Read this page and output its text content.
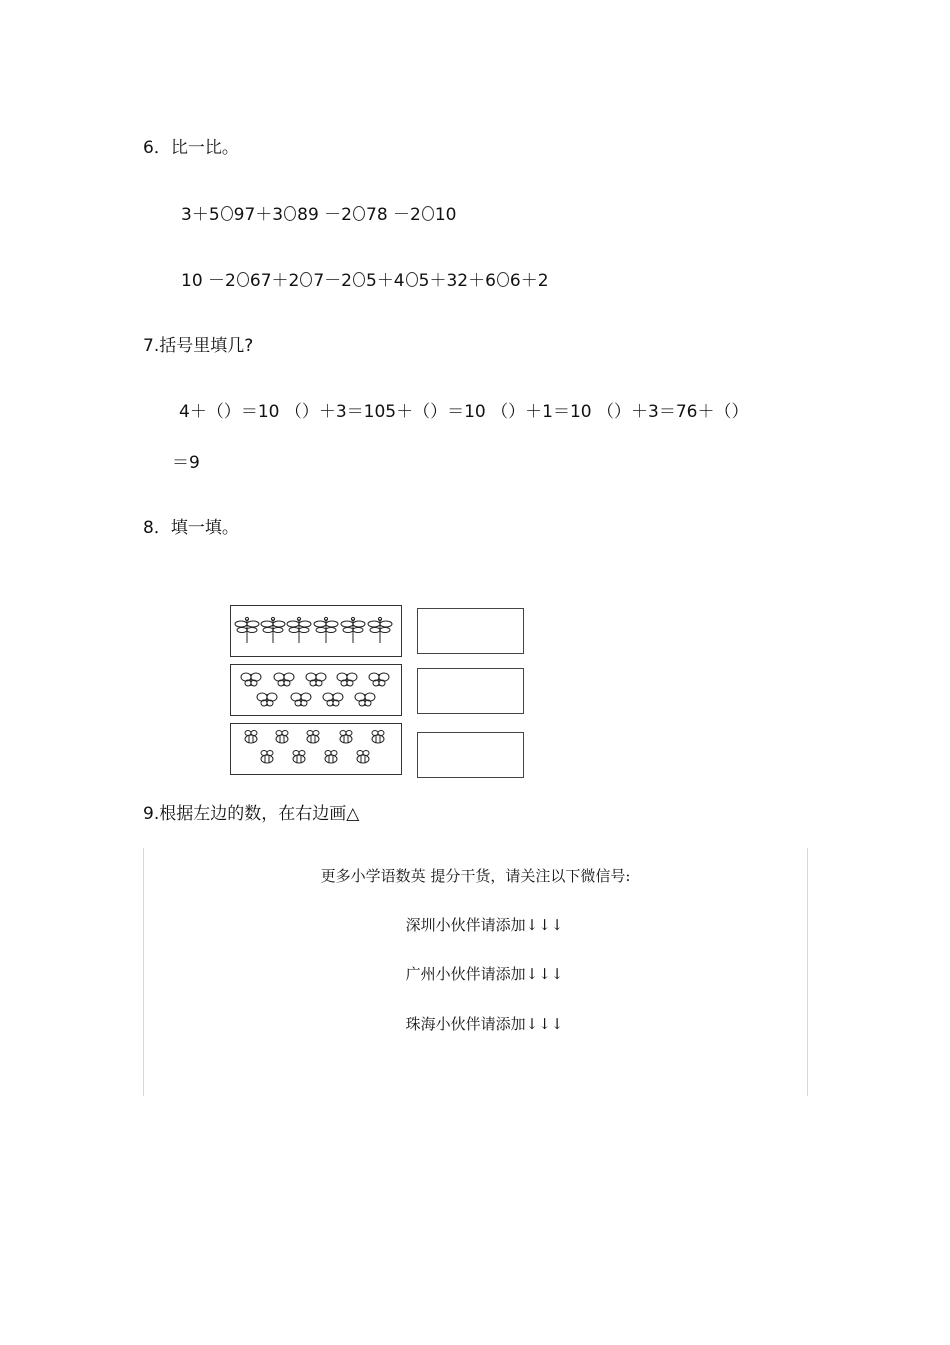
6．比一比。
3＋5 97＋3 89 －2 78 －2 10
10 －2 67＋2 7－2 5＋4 5＋32＋6 6＋2
7.括号里填几?
4＋（）＝10 （）＋3＝105＋（）＝10 （）＋1＝10 （）＋3＝76＋（）
＝9
8．填一填。
9.根据左边的数，在右边画△
更多小学语数英 提分干货，请关注以下微信号:
深圳小伙伴请添加↓↓↓
广州小伙伴请添加↓↓↓
珠海小伙伴请添加↓↓↓
